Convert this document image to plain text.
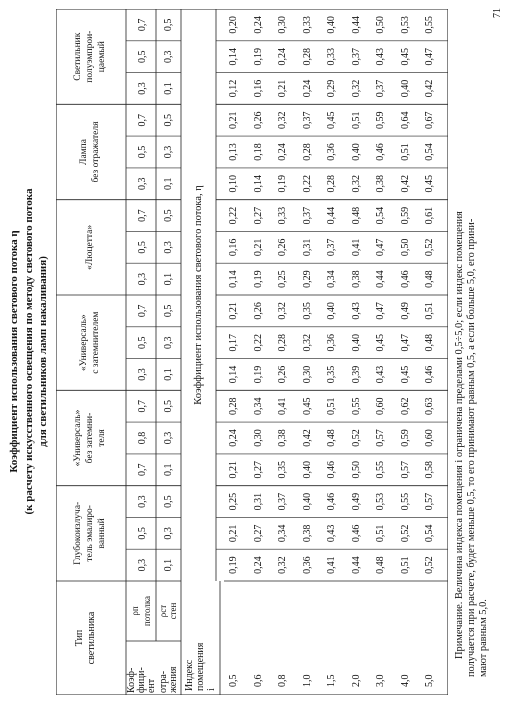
Коэффициент использования светового потока η (к расчету искусственного освещения по методу светового потока для светильников ламп накаливания)
Тип светильника
Коэф- фици- ент отра- жения
ρп потолка ρст стен
Индекс помещения i
Коэффициент использования светового потока, η
Глубокоизлуча- тель эмалиро- ванный
0,3 0,1
0,5 0,3
0,3 0,5
«Универсаль» без затемни- теля
0,7 0,1
0,8 0,3
0,7 0,5
«Универсаль» с затемнителем
0,3 0,1
0,5 0,3
0,7 0,5
«Люцетта»
0,3 0,1
0,5 0,3
0,7 0,5
Лампа без отражателя
0,3 0,1
0,5 0,3
0,7 0,5
Светильник полуэмпрои- цаемый
0,3 0,1
0,5 0,3
0,7 0,5
0,5
0,19
0,21
0,25
0,21
0,24
0,28
0,14
0,17
0,21
0,14
0,16
0,22
0,10
0,13
0,21
0,12
0,14
0,20
0,6
0,24
0,27
0,31
0,27
0,30
0,34
0,19
0,22
0,26
0,19
0,21
0,27
0,14
0,18
0,26
0,16
0,19
0,24
0,8
0,32
0,34
0,37
0,35
0,38
0,41
0,26
0,28
0,32
0,25
0,26
0,33
0,19
0,24
0,32
0,21
0,24
0,30
1,0
0,36
0,38
0,40
0,40
0,42
0,45
0,30
0,32
0,35
0,29
0,31
0,37
0,22
0,28
0,37
0,24
0,28
0,33
1,5
0,41
0,43
0,46
0,46
0,48
0,51
0,35
0,36
0,40
0,34
0,37
0,44
0,28
0,36
0,45
0,29
0,33
0,40
2,0
0,44
0,46
0,49
0,50
0,52
0,55
0,39
0,40
0,43
0,38
0,41
0,48
0,32
0,40
0,51
0,32
0,37
0,44
3,0
0,48
0,51
0,53
0,55
0,57
0,60
0,43
0,45
0,47
0,44
0,47
0,54
0,38
0,46
0,59
0,37
0,43
0,50
4,0
0,51
0,52
0,55
0,57
0,59
0,62
0,45
0,47
0,49
0,46
0,50
0,59
0,42
0,51
0,64
0,40
0,45
0,53
5,0
0,52
0,54
0,57
0,58
0,60
0,63
0,46
0,48
0,51
0,48
0,52
0,61
0,45
0,54
0,67
0,42
0,47
0,55
Примечание. Величина индекса помещения i ограничена пределами 0,5÷5,0; если индекс помещения получается при расчете, будет меньше 0,5, то его принимают равным 0,5, а если больше 5,0, его прини- мают равным 5,0.
71
